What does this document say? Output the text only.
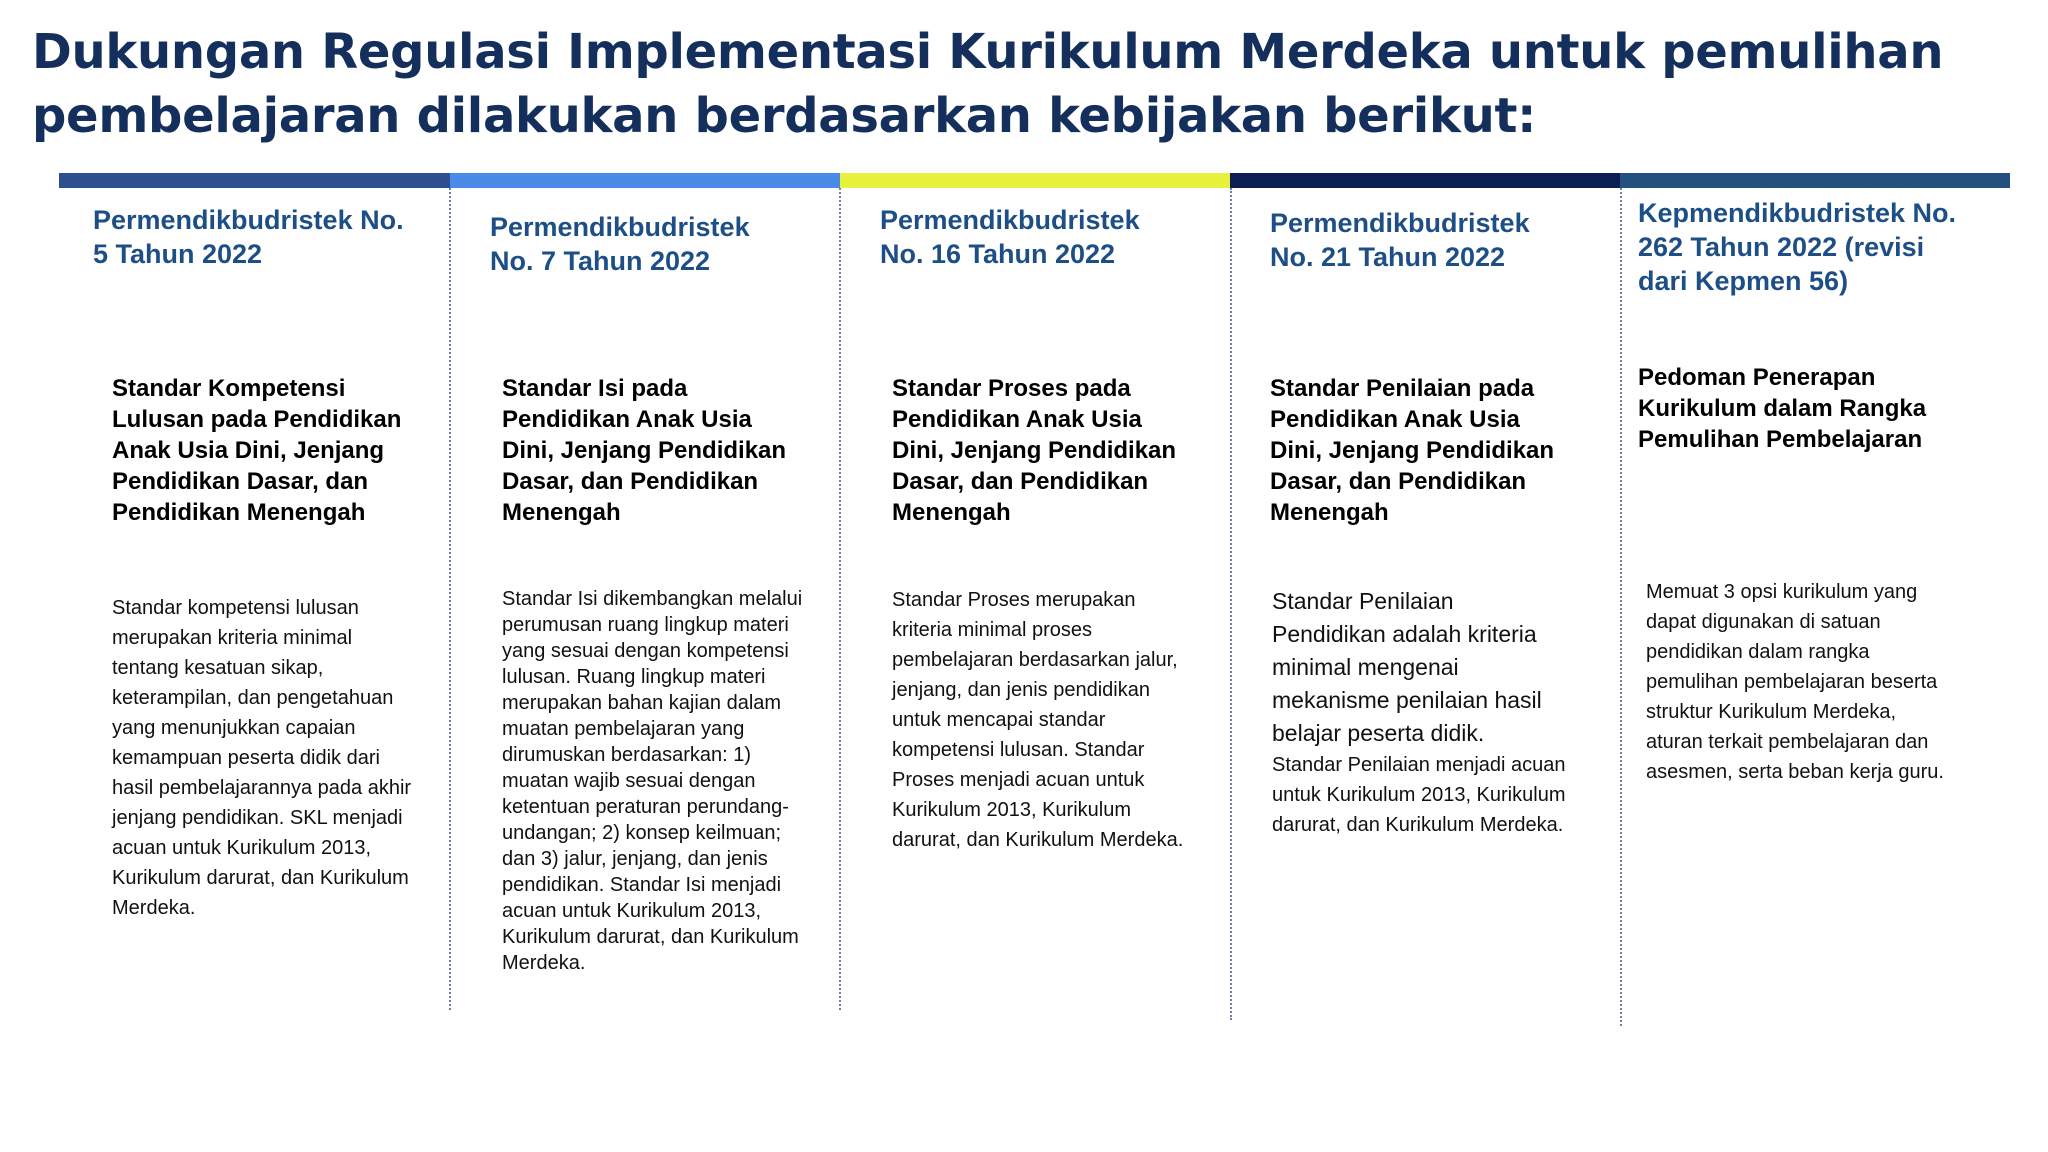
Dukungan Regulasi Implementasi Kurikulum Merdeka untuk pemulihan pembelajaran dilakukan berdasarkan kebijakan berikut:
Permendikbudristek No. 5 Tahun 2022
Standar Kompetensi Lulusan pada Pendidikan Anak Usia Dini, Jenjang Pendidikan Dasar, dan Pendidikan Menengah

Standar kompetensi lulusan merupakan kriteria minimal tentang kesatuan sikap, keterampilan, dan pengetahuan yang menunjukkan capaian kemampuan peserta didik dari hasil pembelajarannya pada akhir jenjang pendidikan. SKL menjadi acuan untuk Kurikulum 2013, Kurikulum darurat, dan Kurikulum Merdeka.

Permendikbudristek No. 7 Tahun 2022
Standar Isi pada Pendidikan Anak Usia Dini, Jenjang Pendidikan Dasar, dan Pendidikan Menengah

Standar Isi dikembangkan melalui perumusan ruang lingkup materi yang sesuai dengan kompetensi lulusan. Ruang lingkup materi merupakan bahan kajian dalam muatan pembelajaran yang dirumuskan berdasarkan: 1) muatan wajib sesuai dengan ketentuan peraturan perundang-undangan; 2) konsep keilmuan; dan 3) jalur, jenjang, dan jenis pendidikan. Standar Isi menjadi acuan untuk Kurikulum 2013, Kurikulum darurat, dan Kurikulum Merdeka.

Permendikbudristek No. 16 Tahun 2022
Standar Proses pada Pendidikan Anak Usia Dini, Jenjang Pendidikan Dasar, dan Pendidikan Menengah

Standar Proses merupakan kriteria minimal proses pembelajaran berdasarkan jalur, jenjang, dan jenis pendidikan untuk mencapai standar kompetensi lulusan. Standar Proses menjadi acuan untuk Kurikulum 2013, Kurikulum darurat, dan Kurikulum Merdeka.

Permendikbudristek No. 21 Tahun 2022
Standar Penilaian pada Pendidikan Anak Usia Dini, Jenjang Pendidikan Dasar, dan Pendidikan Menengah
Standar Penilaian Pendidikan adalah kriteria minimal mengenai mekanisme penilaian hasil belajar peserta didik.
Standar Penilaian menjadi acuan untuk Kurikulum 2013, Kurikulum darurat, dan Kurikulum Merdeka.
Kepmendikbudristek No. 262 Tahun 2022 (revisi dari Kepmen 56)
Pedoman Penerapan Kurikulum dalam Rangka Pemulihan Pembelajaran

Memuat 3 opsi kurikulum yang dapat digunakan di satuan pendidikan dalam rangka pemulihan pembelajaran beserta struktur Kurikulum Merdeka, aturan terkait pembelajaran dan asesmen, serta beban kerja guru.
